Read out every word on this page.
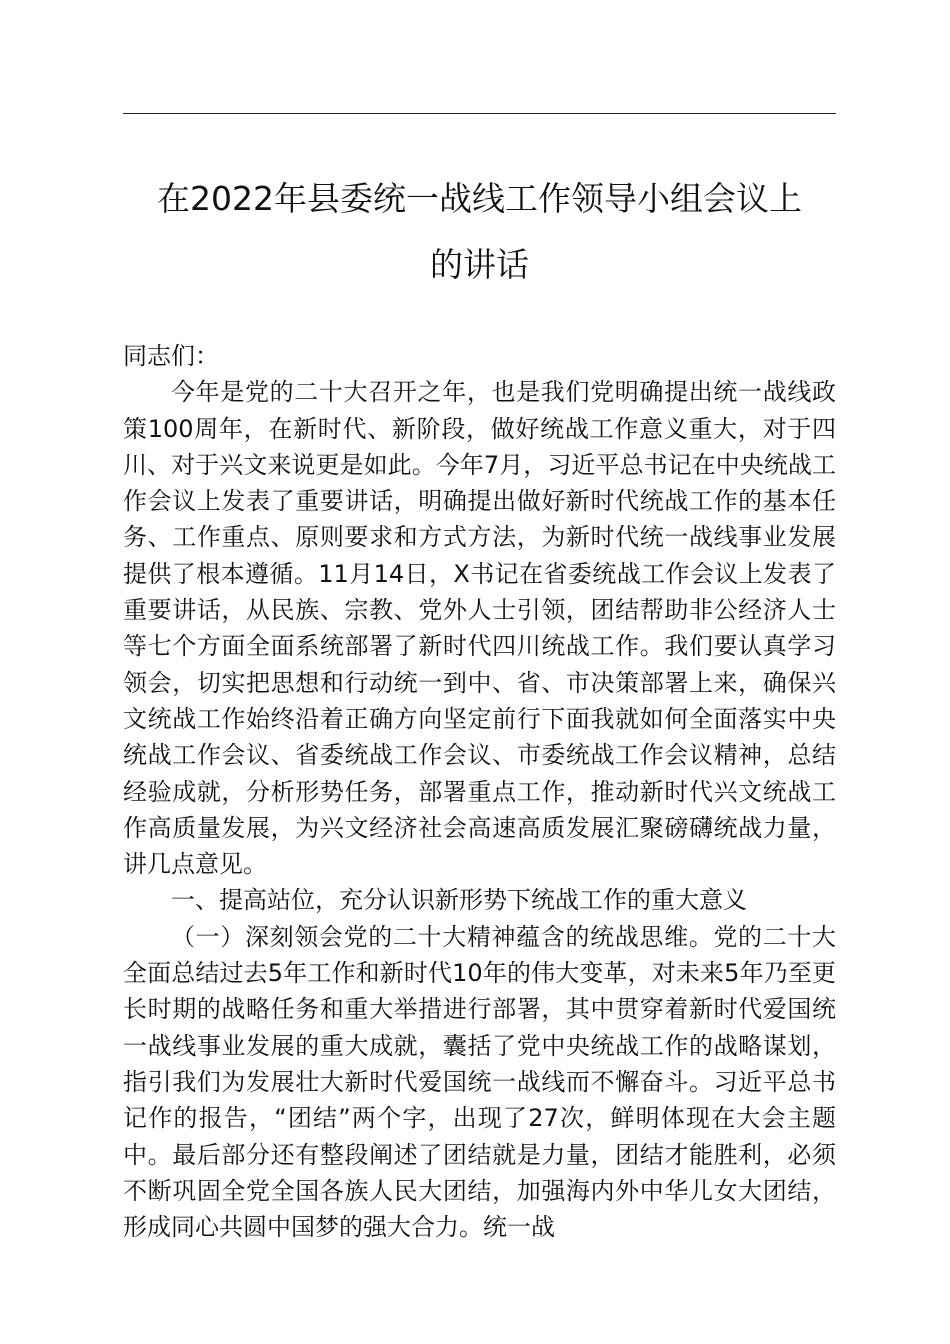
在2022年县委统一战线工作领导小组会议上
的讲话

同志们：

今年是党的二十大召开之年，也是我们党明确提出统一战线政策100周年，在新时代、新阶段，做好统战工作意义重大，对于四川、对于兴文来说更是如此。今年7月，习近平总书记在中央统战工作会议上发表了重要讲话，明确提出做好新时代统战工作的基本任务、工作重点、原则要求和方式方法，为新时代统一战线事业发展提供了根本遵循。11月14日，X书记在省委统战工作会议上发表了重要讲话，从民族、宗教、党外人士引领，团结帮助非公经济人士等七个方面全面系统部署了新时代四川统战工作。我们要认真学习领会，切实把思想和行动统一到中、省、市决策部署上来，确保兴文统战工作始终沿着正确方向坚定前行下面我就如何全面落实中央统战工作会议、省委统战工作会议、市委统战工作会议精神，总结经验成就，分析形势任务，部署重点工作，推动新时代兴文统战工作高质量发展，为兴文经济社会高速高质发展汇聚磅礴统战力量，讲几点意见。

一、提高站位，充分认识新形势下统战工作的重大意义

（一）深刻领会党的二十大精神蕴含的统战思维。党的二十大全面总结过去5年工作和新时代10年的伟大变革，对未来5年乃至更长时期的战略任务和重大举措进行部署，其中贯穿着新时代爱国统一战线事业发展的重大成就，囊括了党中央统战工作的战略谋划，指引我们为发展壮大新时代爱国统一战线而不懈奋斗。习近平总书记作的报告，“团结”两个字，出现了27次，鲜明体现在大会主题中。最后部分还有整段阐述了团结就是力量，团结才能胜利，必须不断巩固全党全国各族人民大团结，加强海内外中华儿女大团结，形成同心共圆中国梦的强大合力。统一战
